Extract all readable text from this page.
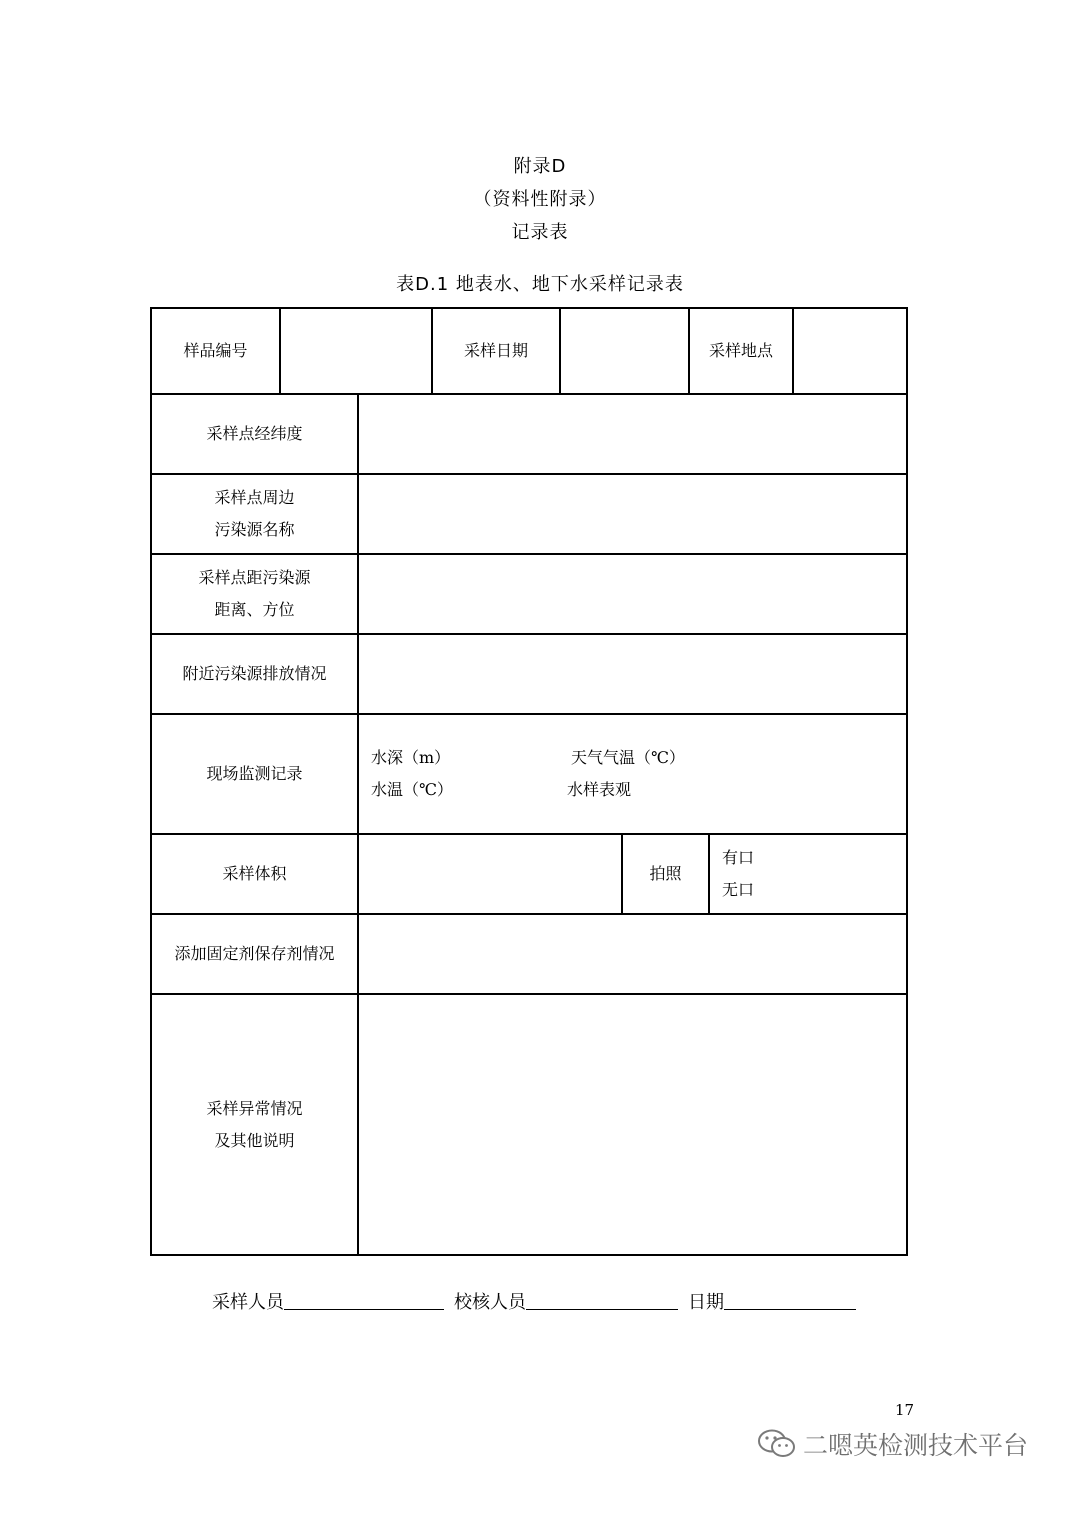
附录D
（资料性附录）
记录表
表D.1 地表水、地下水采样记录表
样品编号			采样日期			采样地点		
采样点经纬度								

采样点周边
污染源名称								

采样点距污染源
距离、方位								

附近污染源排放情况								
现场监测记录		水深（m） 天气气温（℃）
水温（℃） 水样表观						

采样体积					拍照		有口
无口	

添加固定剂保存剂情况								

采样异常情况
及其他说明								

采样人员	校核人员	日期
17
二嗯英检测技术平台
